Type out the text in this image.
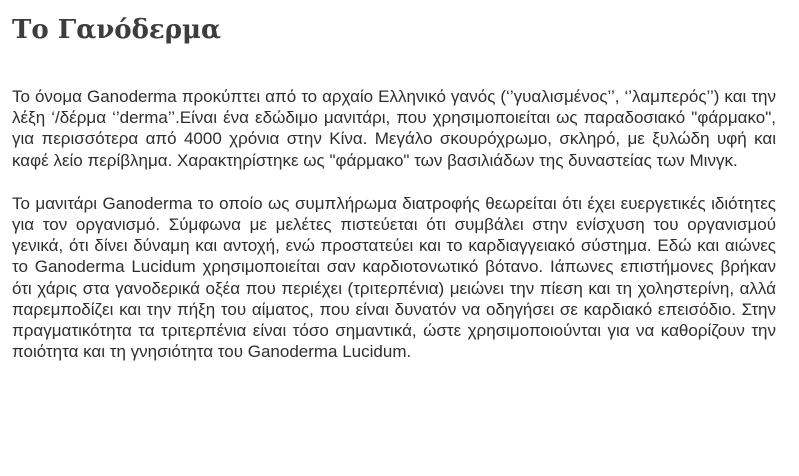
Το Γανόδερμα

Το όνομα Ganoderma προκύπτει από το αρχαίο Ελληνικό γανός (‘’γυαλισμένος’’, ‘’λαμπερός’’) και την λέξη ‘/δέρμα ‘’derma’’.Είναι ένα εδώδιμο μανιτάρι, που χρησιμοποιείται ως παραδοσιακό "φάρμακο", για περισσότερα από 4000 χρόνια στην Κίνα. Μεγάλο σκουρόχρωμο, σκληρό, με ξυλώδη υφή και καφέ λείο περίβλημα. Χαρακτηρίστηκε ως "φάρμακο" των βασιλιάδων της δυναστείας των Μινγκ.

Το μανιτάρι Ganoderma το οποίο ως συμπλήρωμα διατροφής θεωρείται ότι έχει ευεργετικές ιδιότητες για τον οργανισμό. Σύμφωνα με μελέτες πιστεύεται ότι συμβάλει στην ενίσχυση του οργανισμού γενικά, ότι δίνει δύναμη και αντοχή, ενώ προστατεύει και το καρδιαγγειακό σύστημα. Εδώ και αιώνες το Ganoderma Lucidum χρησιμοποιείται σαν καρδιοτονωτικό βότανο. Ιάπωνες επιστήμονες βρήκαν ότι χάρις στα γανοδερικά οξέα που περιέχει (τριτερπένια) μειώνει την πίεση και τη χοληστερίνη, αλλά παρεμποδίζει και την πήξη του αίματος, που είναι δυνατόν να οδηγήσει σε καρδιακό επεισόδιο. Στην πραγματικότητα τα τριτερπένια είναι τόσο σημαντικά, ώστε χρησιμοποιούνται για να καθορίζουν την ποιότητα και τη γνησιότητα του Ganoderma Lucidum.
